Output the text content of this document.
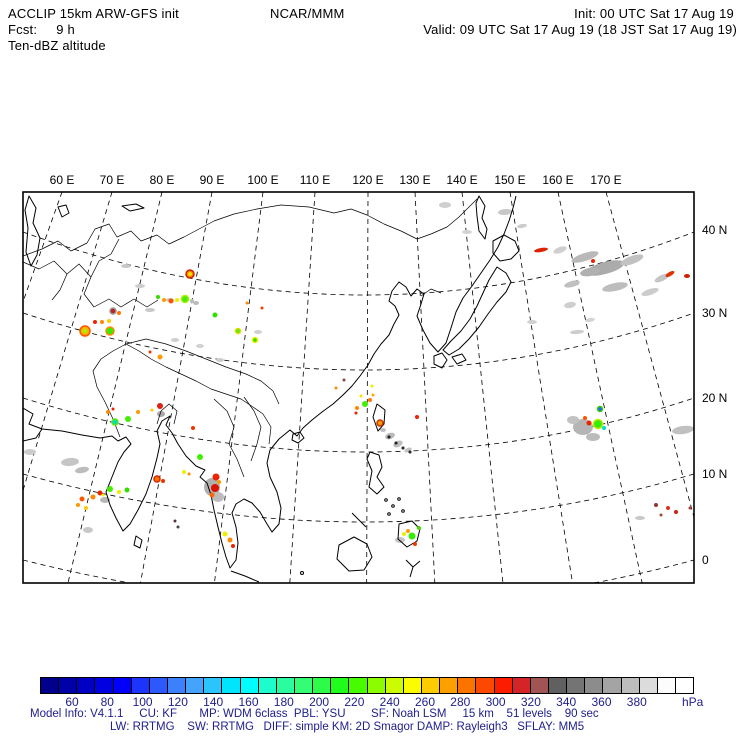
ACCLIP 15km ARW-GFS init	NCAR/MMM	Init: 00 UTC Sat 17 Aug 19
Fcst:     9 h	Valid: 09 UTC Sat 17 Aug 19 (18 JST Sat 17 Aug 19)
Ten-dBZ altitude
60 E 70 E 80 E 90 E 100 E 110 E 120 E 130 E 140 E 150 E 160 E 170 E
40 N
30 N
20 N
10 N
0
60 80 100 120 140 160 180 200 220 240 260 280 300 320 340 360 380	hPa
Model Info: V4.1.1     CU: KF       MP: WDM 6class  PBL: YSU        SF: Noah LSM     15 km    51 levels    90 sec
LW: RRTMG    SW: RRTMG   DIFF: simple KM: 2D Smagor DAMP: Rayleigh3   SFLAY: MM5
